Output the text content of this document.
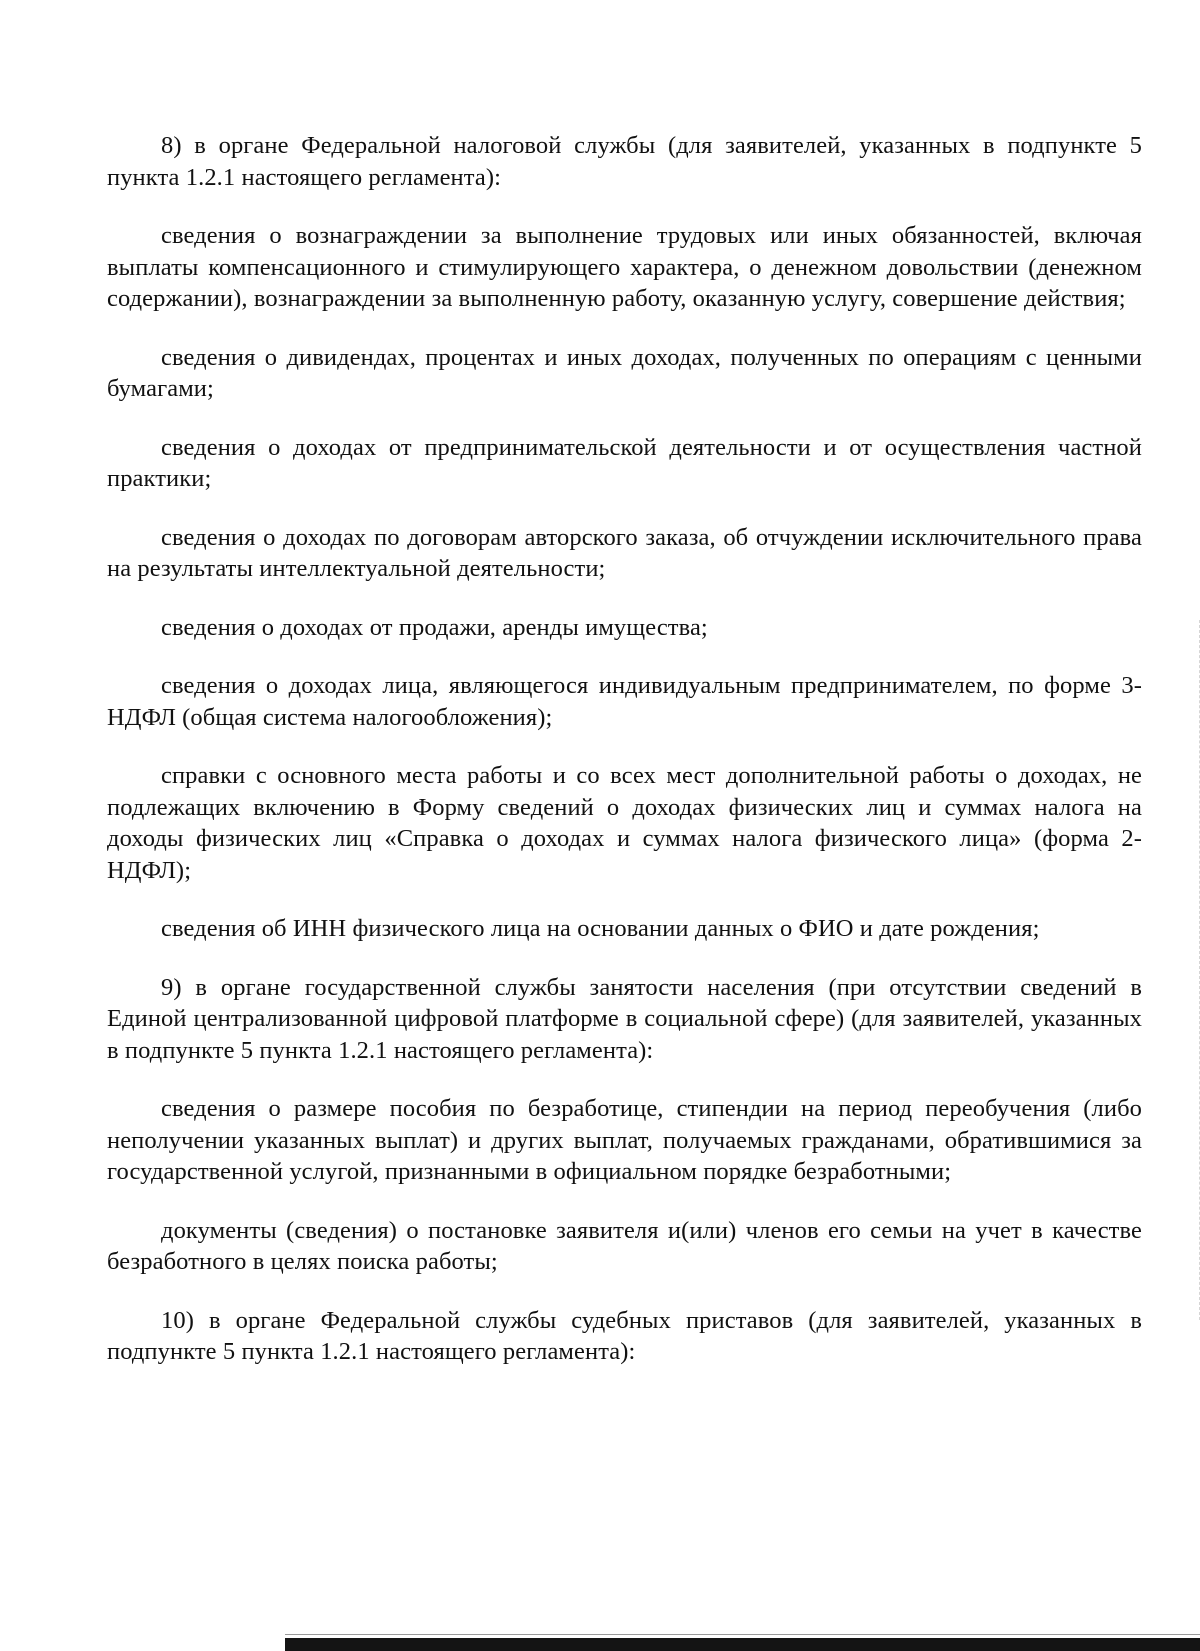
8) в органе Федеральной налоговой службы (для заявителей, указанных в подпункте 5 пункта 1.2.1 настоящего регламента):

сведения о вознаграждении за выполнение трудовых или иных обязанностей, включая выплаты компенсационного и стимулирующего характера, о денежном довольствии (денежном содержании), вознаграждении за выполненную работу, оказанную услугу, совершение действия;

сведения о дивидендах, процентах и иных доходах, полученных по операциям с ценными бумагами;

сведения о доходах от предпринимательской деятельности и от осуществления частной практики;

сведения о доходах по договорам авторского заказа, об отчуждении исключительного права на результаты интеллектуальной деятельности;

сведения о доходах от продажи, аренды имущества;

сведения о доходах лица, являющегося индивидуальным предпринимателем, по форме 3-НДФЛ (общая система налогообложения);

справки с основного места работы и со всех мест дополнительной работы о доходах, не подлежащих включению в Форму сведений о доходах физических лиц и суммах налога на доходы физических лиц «Справка о доходах и суммах налога физического лица» (форма 2-НДФЛ);

сведения об ИНН физического лица на основании данных о ФИО и дате рождения;

9) в органе государственной службы занятости населения (при отсутствии сведений в Единой централизованной цифровой платформе в социальной сфере) (для заявителей, указанных в подпункте 5 пункта 1.2.1 настоящего регламента):

сведения о размере пособия по безработице, стипендии на период переобучения (либо неполучении указанных выплат) и других выплат, получаемых гражданами, обратившимися за государственной услугой, признанными в официальном порядке безработными;

документы (сведения) о постановке заявителя и(или) членов его семьи на учет в качестве безработного в целях поиска работы;

10) в органе Федеральной службы судебных приставов (для заявителей, указанных в подпункте 5 пункта 1.2.1 настоящего регламента):
